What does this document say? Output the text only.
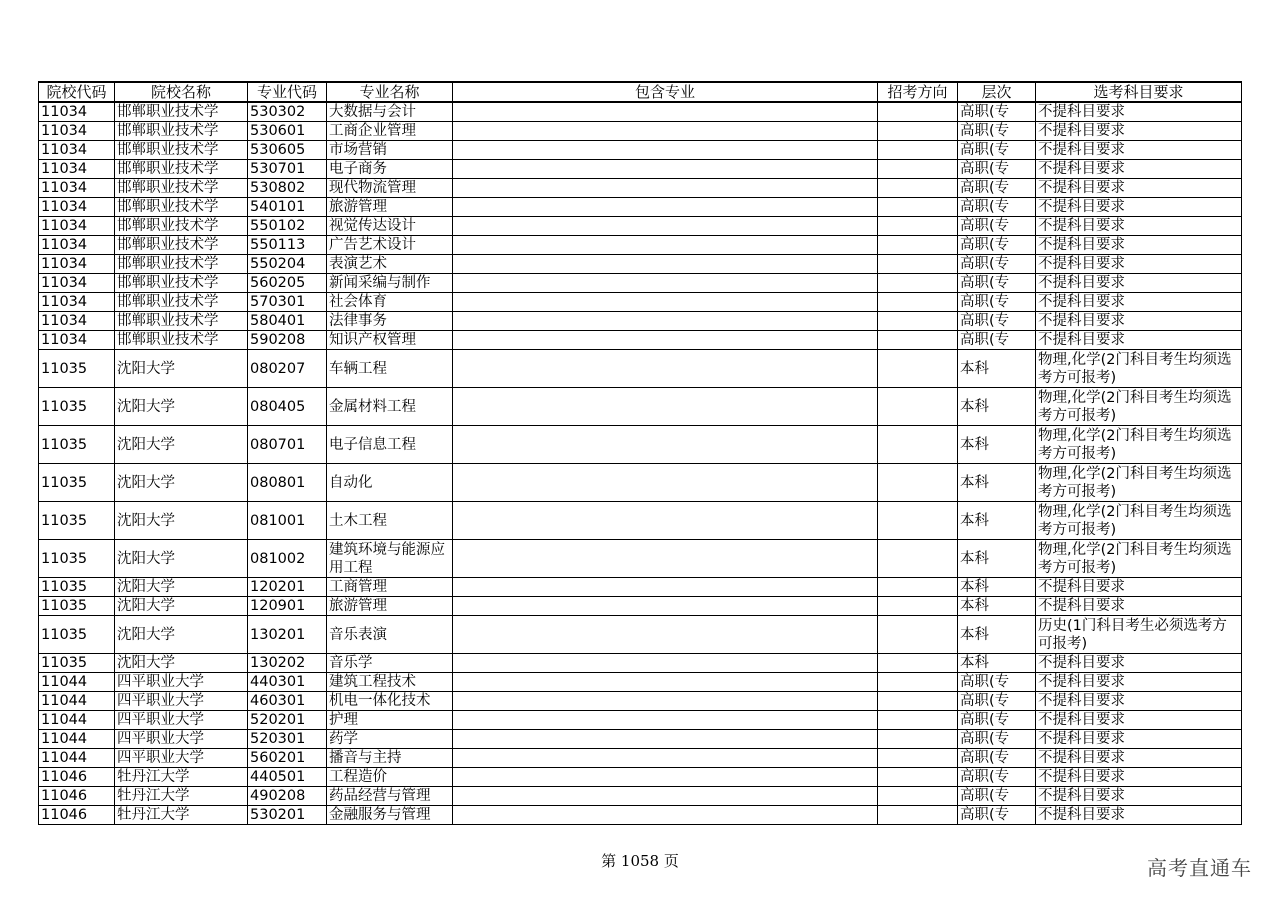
院校代码	院校名称	专业代码	专业名称	包含专业	招考方向	层次	选考科目要求
11034	邯郸职业技术学	530302	大数据与会计			高职(专	不提科目要求
11034	邯郸职业技术学	530601	工商企业管理			高职(专	不提科目要求
11034	邯郸职业技术学	530605	市场营销			高职(专	不提科目要求
11034	邯郸职业技术学	530701	电子商务			高职(专	不提科目要求
11034	邯郸职业技术学	530802	现代物流管理			高职(专	不提科目要求
11034	邯郸职业技术学	540101	旅游管理			高职(专	不提科目要求
11034	邯郸职业技术学	550102	视觉传达设计			高职(专	不提科目要求
11034	邯郸职业技术学	550113	广告艺术设计			高职(专	不提科目要求
11034	邯郸职业技术学	550204	表演艺术			高职(专	不提科目要求
11034	邯郸职业技术学	560205	新闻采编与制作			高职(专	不提科目要求
11034	邯郸职业技术学	570301	社会体育			高职(专	不提科目要求
11034	邯郸职业技术学	580401	法律事务			高职(专	不提科目要求
11034	邯郸职业技术学	590208	知识产权管理			高职(专	不提科目要求
11035	沈阳大学	080207	车辆工程			本科	物理,化学(2门科目考生均须选考方可报考)
11035	沈阳大学	080405	金属材料工程			本科	物理,化学(2门科目考生均须选考方可报考)
11035	沈阳大学	080701	电子信息工程			本科	物理,化学(2门科目考生均须选考方可报考)
11035	沈阳大学	080801	自动化			本科	物理,化学(2门科目考生均须选考方可报考)
11035	沈阳大学	081001	土木工程			本科	物理,化学(2门科目考生均须选考方可报考)
11035	沈阳大学	081002	建筑环境与能源应用工程			本科	物理,化学(2门科目考生均须选考方可报考)
11035	沈阳大学	120201	工商管理			本科	不提科目要求
11035	沈阳大学	120901	旅游管理			本科	不提科目要求
11035	沈阳大学	130201	音乐表演			本科	历史(1门科目考生必须选考方可报考)
11035	沈阳大学	130202	音乐学			本科	不提科目要求
11044	四平职业大学	440301	建筑工程技术			高职(专	不提科目要求
11044	四平职业大学	460301	机电一体化技术			高职(专	不提科目要求
11044	四平职业大学	520201	护理			高职(专	不提科目要求
11044	四平职业大学	520301	药学			高职(专	不提科目要求
11044	四平职业大学	560201	播音与主持			高职(专	不提科目要求
11046	牡丹江大学	440501	工程造价			高职(专	不提科目要求
11046	牡丹江大学	490208	药品经营与管理			高职(专	不提科目要求
11046	牡丹江大学	530201	金融服务与管理			高职(专	不提科目要求
第 1058 页	高考直通车
